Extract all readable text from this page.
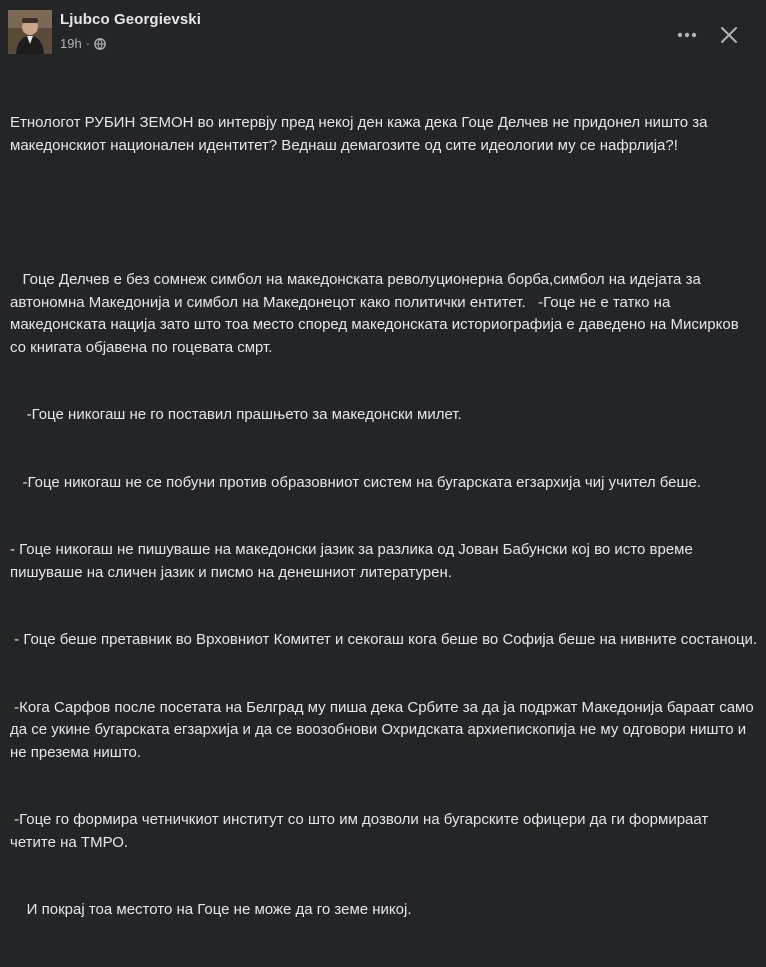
Ljubco Georgievski
19h ·

Етнологот РУБИН ЗЕМОН во интервју пред некој ден кажа дека Гоце Делчев не придонел ништо за македонскиот национален идентитет? Веднаш демагозите од сите идеологии му се нафрлија?!

Гоце Делчев е без сомнеж симбол на македонската револуционерна борба,симбол на идејата за автономна Македонија и симбол на Македонецот како политички ентитет.   -Гоце не е татко на македонската нација зато што тоа место според македонската историографија е даведено на Мисирков со книгата објавена по гоцевата смрт.

-Гоце никогаш не го поставил прашњето за македонски милет.

-Гоце никогаш не се побуни против образовниот систем на бугарската егзархија чиј учител беше.

- Гоце никогаш не пишуваше на македонски јазик за разлика од Јован Бабунски кој во исто време пишуваше на сличен јазик и писмо на денешниот литературен.

- Гоце беше претавник во Врховниот Комитет и секогаш кога беше во Софија беше на нивните состаноци.

-Кога Сарфов после посетата на Белград му пиша дека Србите за да ја подржат Македонија бараат само да се укине бугарската егзархија и да се воозобнови Охридската архиепископија не му одговори ништо и не презема ништо.

-Гоце го формира четничкиот институт со што им дозволи на бугарските офицери да ги формираат четите на ТМРО.

И покрај тоа местото на Гоце не може да го земе никој.
